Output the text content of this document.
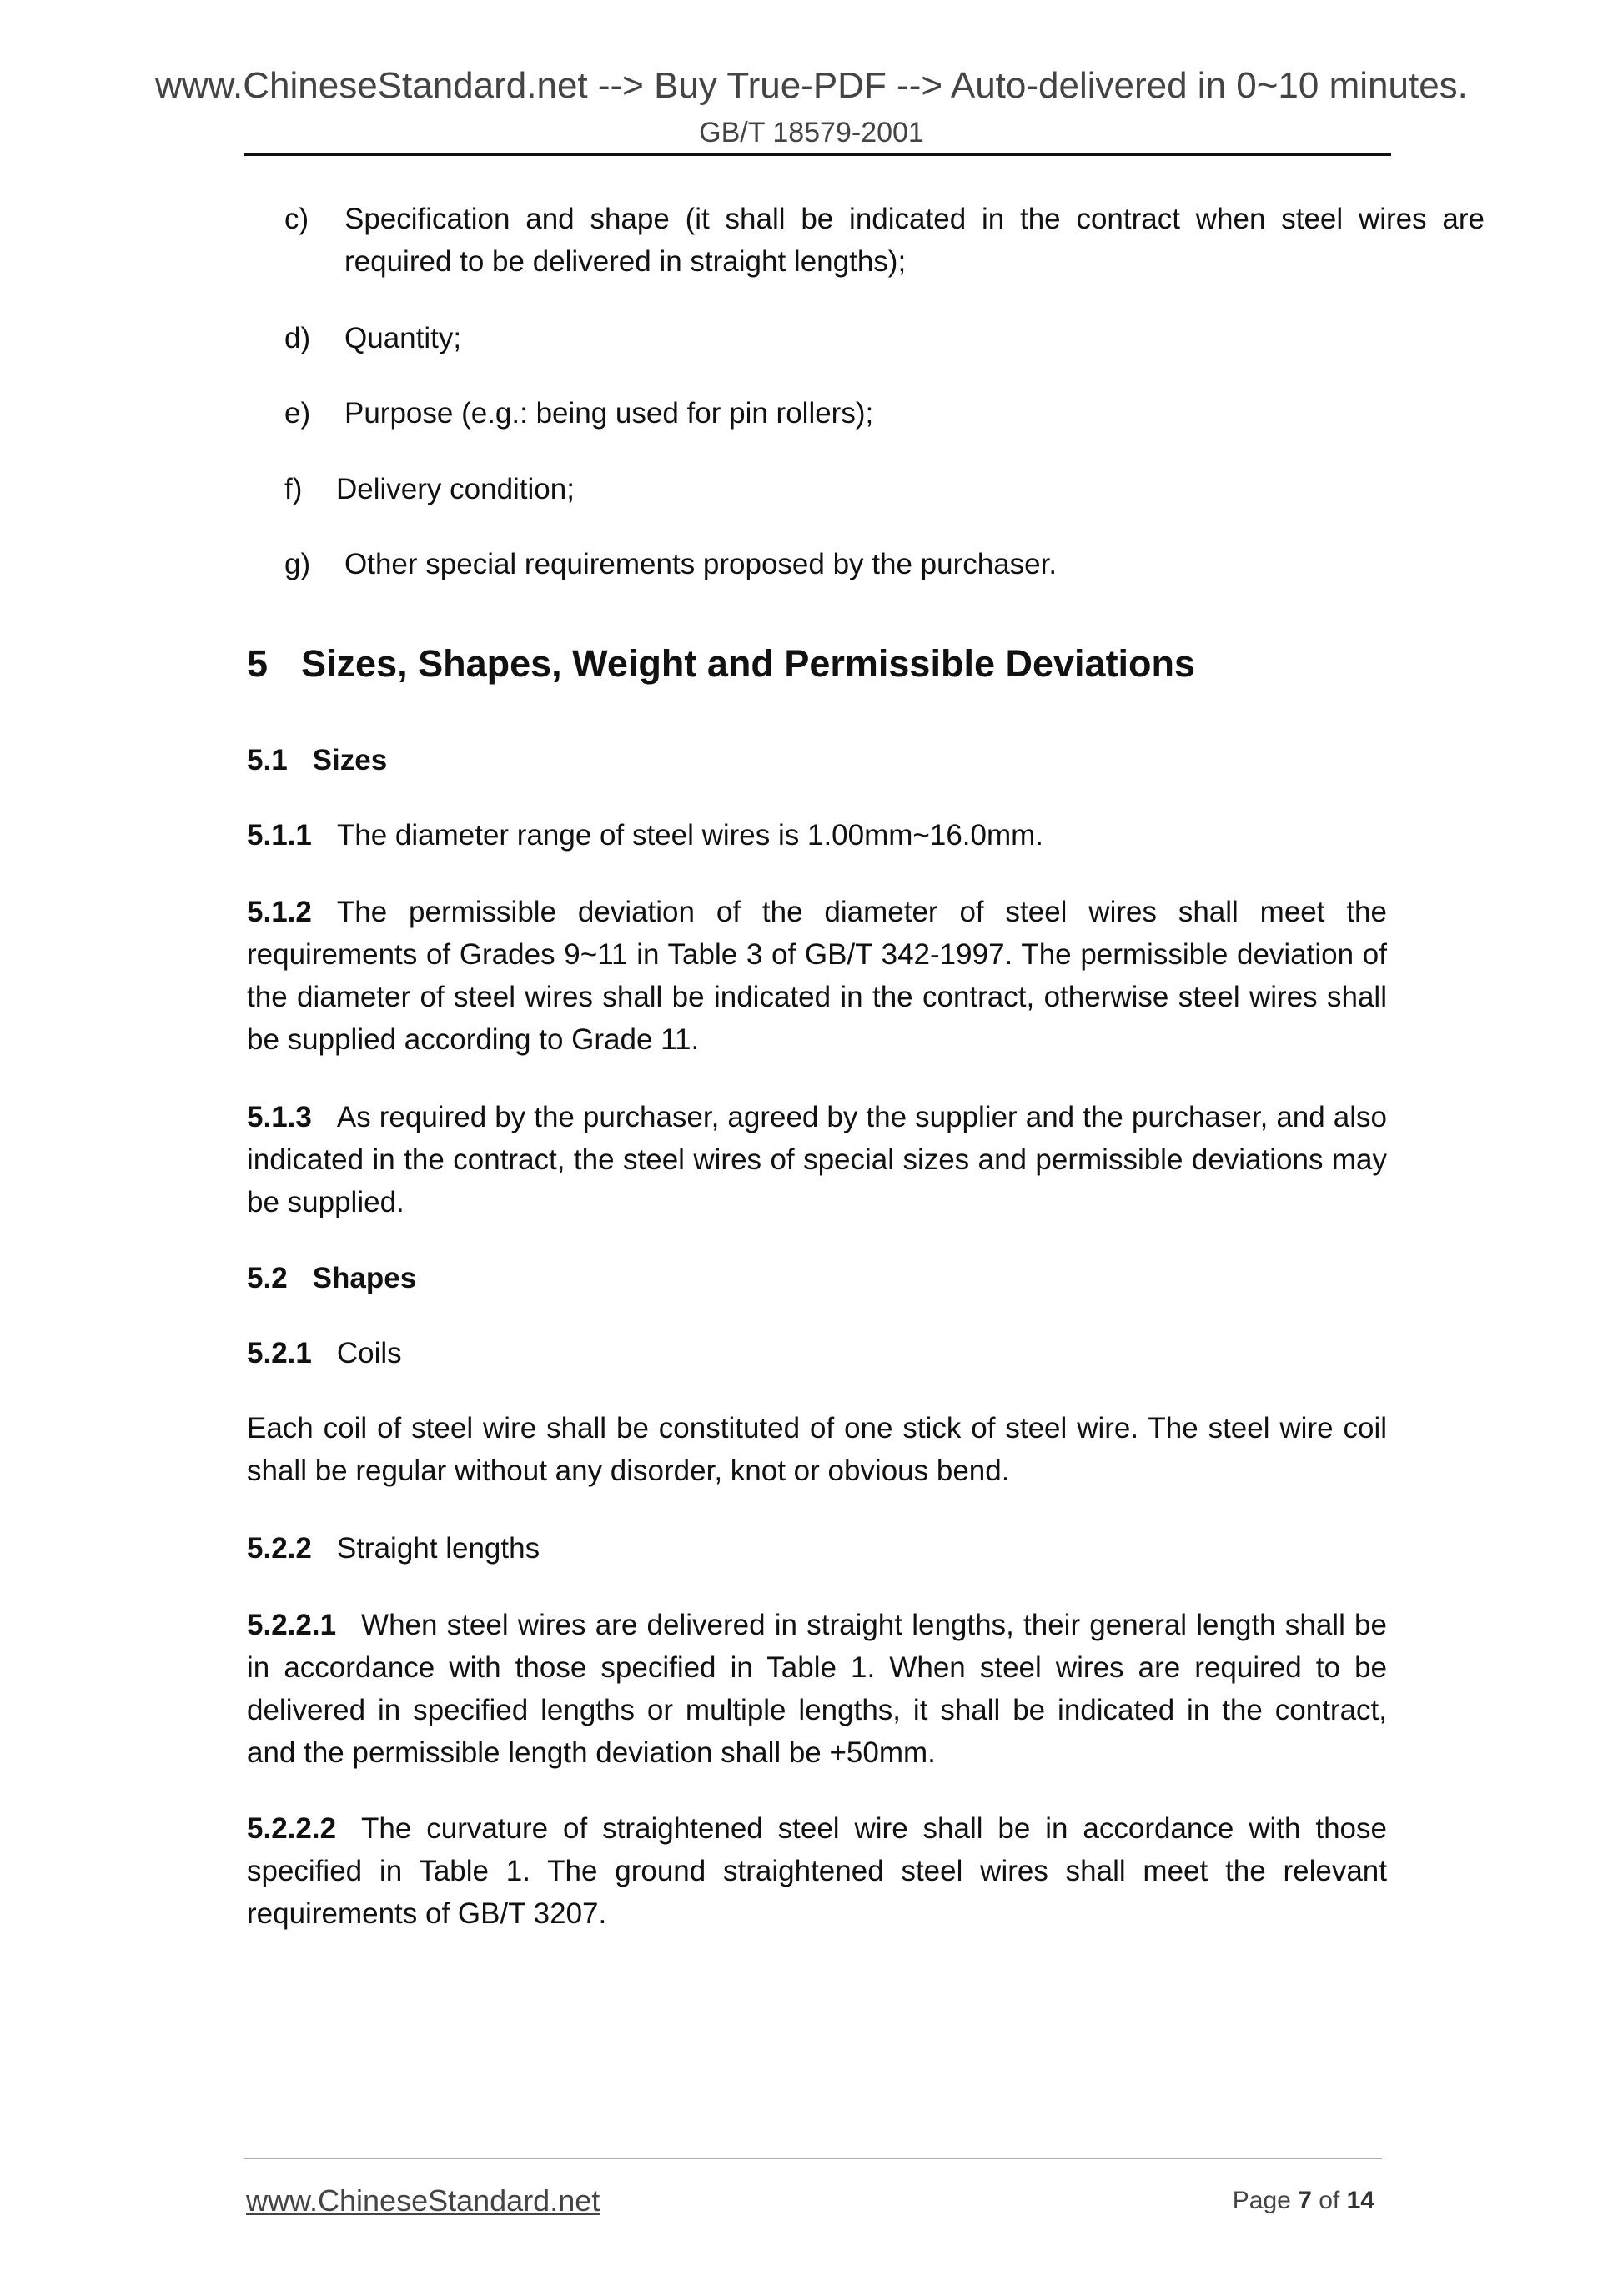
www.ChineseStandard.net --> Buy True-PDF --> Auto-delivered in 0~10 minutes.
GB/T 18579-2001
c) Specification and shape (it shall be indicated in the contract when steel wires are required to be delivered in straight lengths);
d) Quantity;
e) Purpose (e.g.: being used for pin rollers);
f) Delivery condition;
g) Other special requirements proposed by the purchaser.
5 Sizes, Shapes, Weight and Permissible Deviations
5.1 Sizes
5.1.1 The diameter range of steel wires is 1.00mm~16.0mm.
5.1.2 The permissible deviation of the diameter of steel wires shall meet the requirements of Grades 9~11 in Table 3 of GB/T 342-1997. The permissible deviation of the diameter of steel wires shall be indicated in the contract, otherwise steel wires shall be supplied according to Grade 11.
5.1.3 As required by the purchaser, agreed by the supplier and the purchaser, and also indicated in the contract, the steel wires of special sizes and permissible deviations may be supplied.
5.2 Shapes
5.2.1 Coils
Each coil of steel wire shall be constituted of one stick of steel wire. The steel wire coil shall be regular without any disorder, knot or obvious bend.
5.2.2 Straight lengths
5.2.2.1 When steel wires are delivered in straight lengths, their general length shall be in accordance with those specified in Table 1. When steel wires are required to be delivered in specified lengths or multiple lengths, it shall be indicated in the contract, and the permissible length deviation shall be +50mm.
5.2.2.2 The curvature of straightened steel wire shall be in accordance with those specified in Table 1. The ground straightened steel wires shall meet the relevant requirements of GB/T 3207.
www.ChineseStandard.net	Page 7 of 14
